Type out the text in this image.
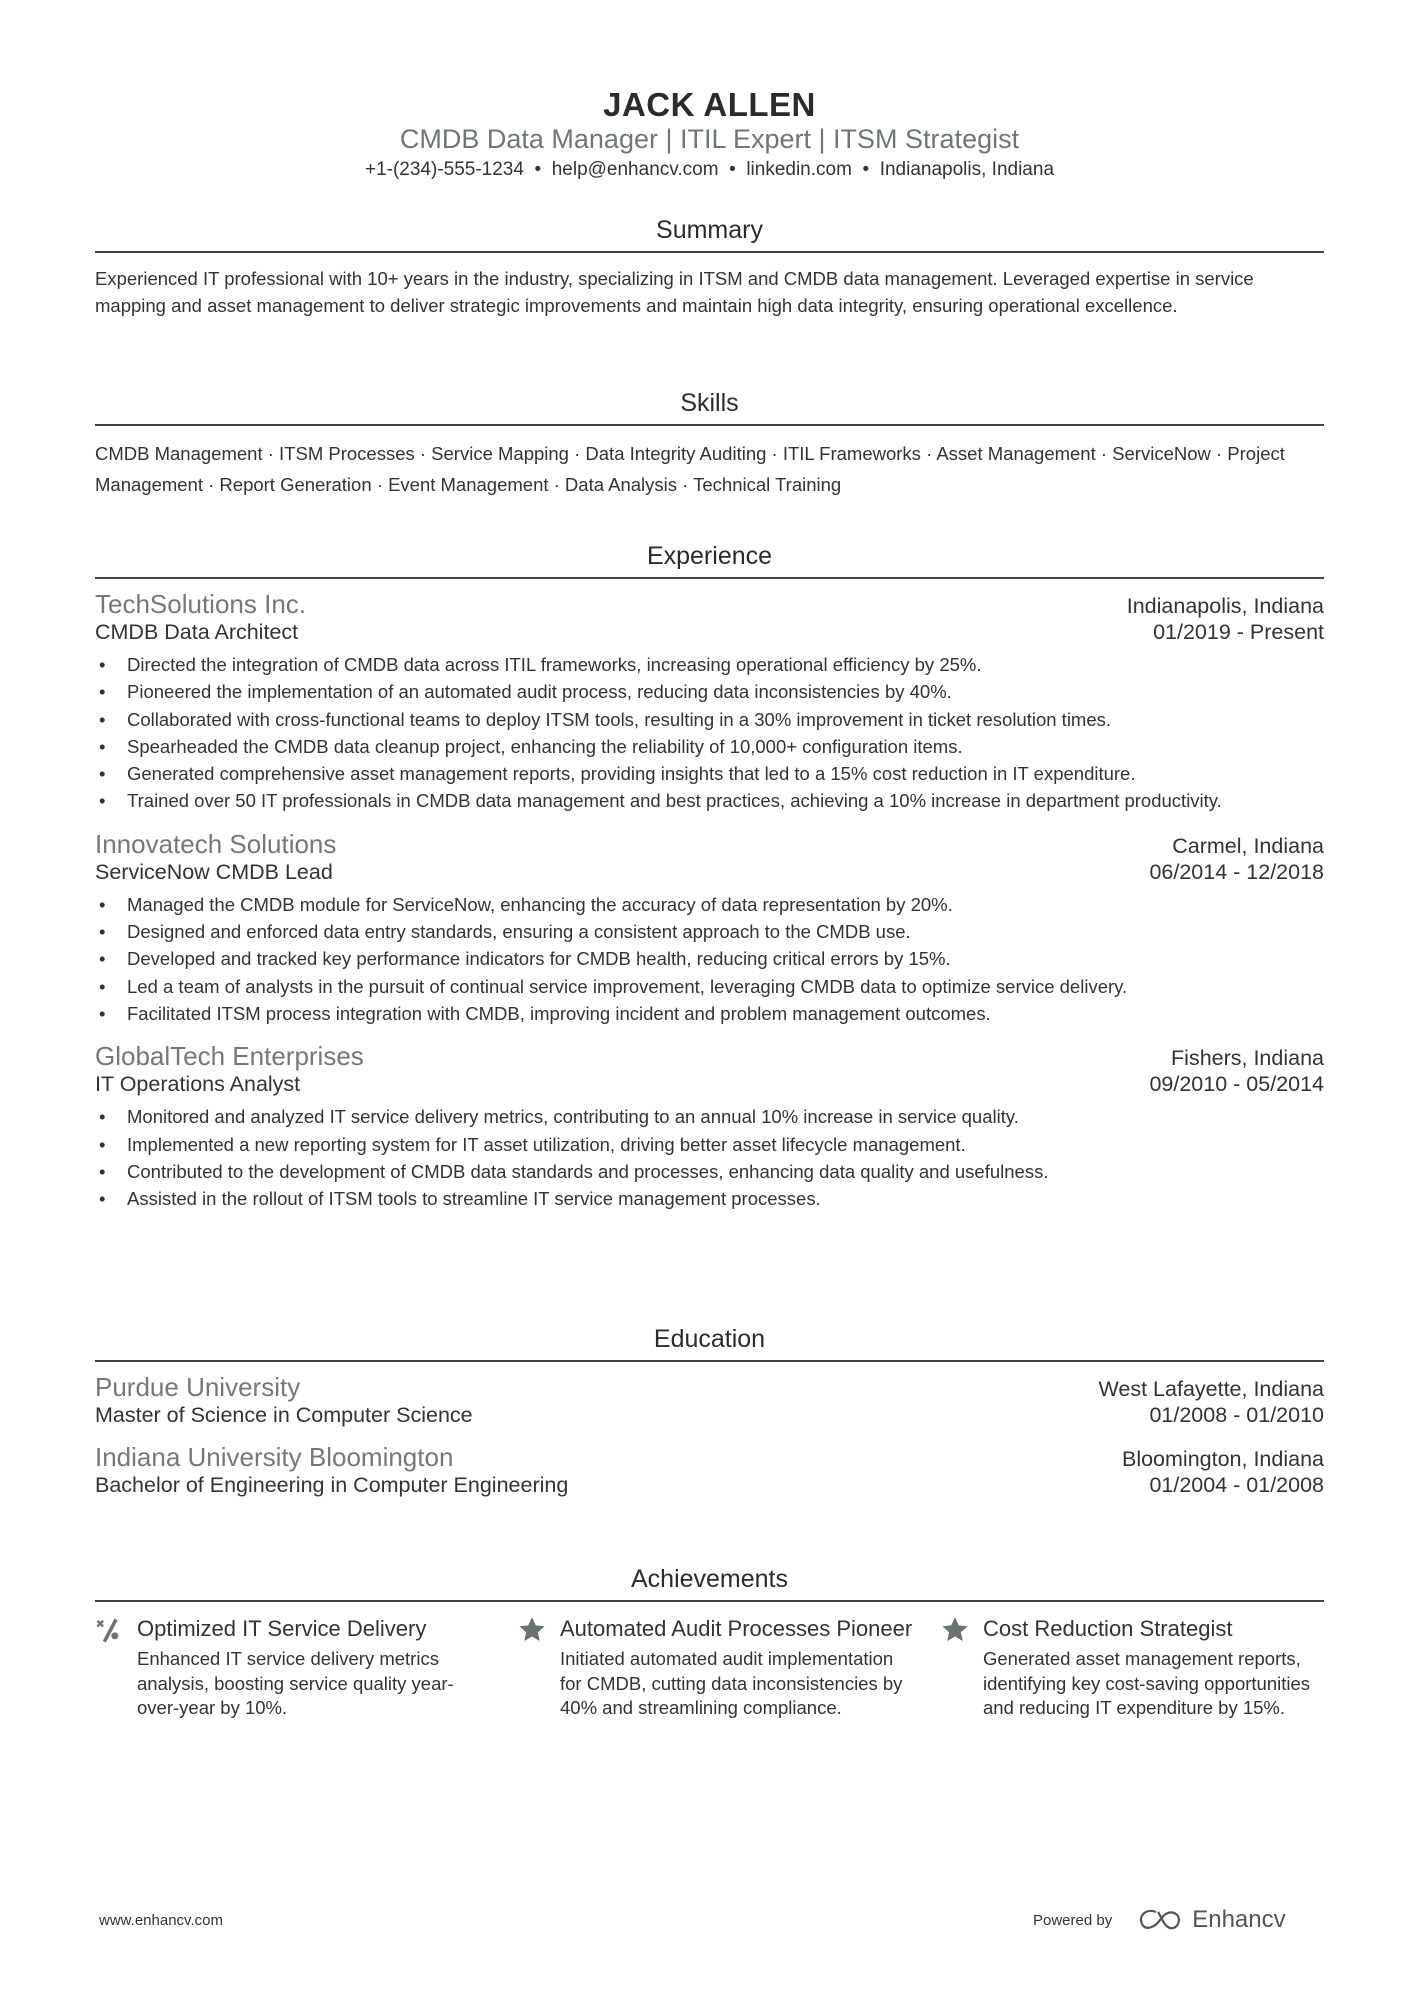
JACK ALLEN
CMDB Data Manager | ITIL Expert | ITSM Strategist
+1-(234)-555-1234  •  help@enhancv.com  •  linkedin.com  •  Indianapolis, Indiana
Summary

Experienced IT professional with 10+ years in the industry, specializing in ITSM and CMDB data management. Leveraged expertise in service mapping and asset management to deliver strategic improvements and maintain high data integrity, ensuring operational excellence.

Skills

CMDB Management · ITSM Processes · Service Mapping · Data Integrity Auditing · ITIL Frameworks · Asset Management · ServiceNow · Project Management · Report Generation · Event Management · Data Analysis · Technical Training

Experience
TechSolutions Inc.	Indianapolis, Indiana
CMDB Data Architect	01/2019 - Present
• Directed the integration of CMDB data across ITIL frameworks, increasing operational efficiency by 25%.
• Pioneered the implementation of an automated audit process, reducing data inconsistencies by 40%.
• Collaborated with cross-functional teams to deploy ITSM tools, resulting in a 30% improvement in ticket resolution times.
• Spearheaded the CMDB data cleanup project, enhancing the reliability of 10,000+ configuration items.
• Generated comprehensive asset management reports, providing insights that led to a 15% cost reduction in IT expenditure.
• Trained over 50 IT professionals in CMDB data management and best practices, achieving a 10% increase in department productivity.
Innovatech Solutions	Carmel, Indiana
ServiceNow CMDB Lead	06/2014 - 12/2018
• Managed the CMDB module for ServiceNow, enhancing the accuracy of data representation by 20%.
• Designed and enforced data entry standards, ensuring a consistent approach to the CMDB use.
• Developed and tracked key performance indicators for CMDB health, reducing critical errors by 15%.
• Led a team of analysts in the pursuit of continual service improvement, leveraging CMDB data to optimize service delivery.
• Facilitated ITSM process integration with CMDB, improving incident and problem management outcomes.
GlobalTech Enterprises	Fishers, Indiana
IT Operations Analyst	09/2010 - 05/2014
• Monitored and analyzed IT service delivery metrics, contributing to an annual 10% increase in service quality.
• Implemented a new reporting system for IT asset utilization, driving better asset lifecycle management.
• Contributed to the development of CMDB data standards and processes, enhancing data quality and usefulness.
• Assisted in the rollout of ITSM tools to streamline IT service management processes.
Education
Purdue University	West Lafayette, Indiana
Master of Science in Computer Science	01/2008 - 01/2010
Indiana University Bloomington	Bloomington, Indiana
Bachelor of Engineering in Computer Engineering	01/2004 - 01/2008
Achievements
Optimized IT Service Delivery
Enhanced IT service delivery metrics analysis, boosting service quality year-over-year by 10%.
Automated Audit Processes Pioneer
Initiated automated audit implementation for CMDB, cutting data inconsistencies by 40% and streamlining compliance.
Cost Reduction Strategist
Generated asset management reports, identifying key cost-saving opportunities and reducing IT expenditure by 15%.
www.enhancv.com	Powered by	Enhancv
